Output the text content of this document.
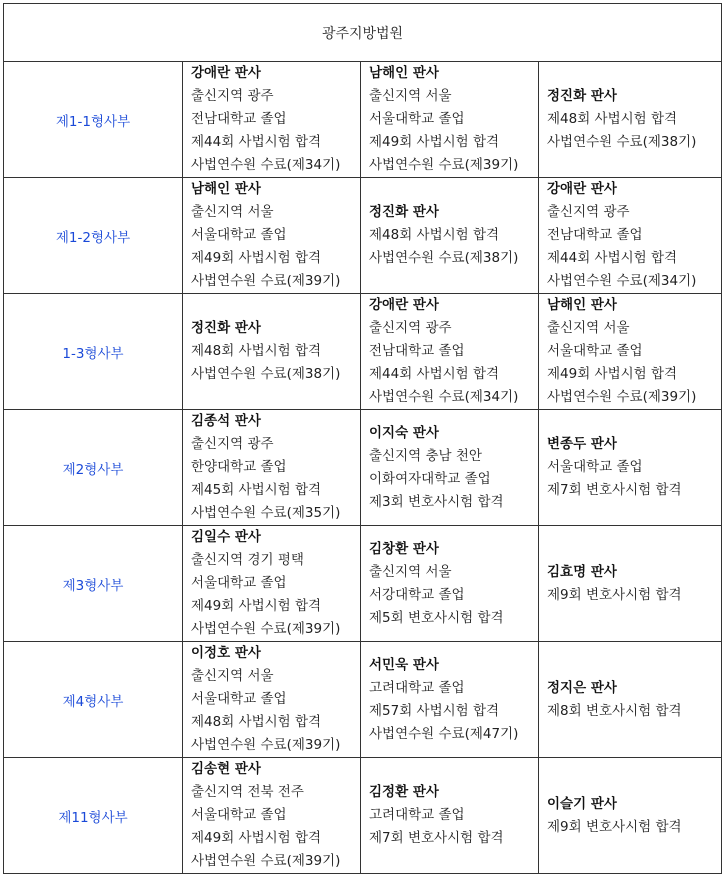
광주지방법원			
제1-1형사부	강애란 판사
출신지역 광주
전남대학교 졸업
제44회 사법시험 합격
사법연수원 수료(제34기)	남해인 판사
출신지역 서울
서울대학교 졸업
제49회 사법시험 합격
사법연수원 수료(제39기)	정진화 판사
제48회 사법시험 합격
사법연수원 수료(제38기)

제1-2형사부	남해인 판사
출신지역 서울
서울대학교 졸업
제49회 사법시험 합격
사법연수원 수료(제39기)	정진화 판사
제48회 사법시험 합격
사법연수원 수료(제38기)	강애란 판사
출신지역 광주
전남대학교 졸업
제44회 사법시험 합격
사법연수원 수료(제34기)

1-3형사부	정진화 판사
제48회 사법시험 합격
사법연수원 수료(제38기)	강애란 판사
출신지역 광주
전남대학교 졸업
제44회 사법시험 합격
사법연수원 수료(제34기)	남해인 판사
출신지역 서울
서울대학교 졸업
제49회 사법시험 합격
사법연수원 수료(제39기)

제2형사부	김종석 판사
출신지역 광주
한양대학교 졸업
제45회 사법시험 합격
사법연수원 수료(제35기)	이지숙 판사
출신지역 충남 천안
이화여자대학교 졸업
제3회 변호사시험 합격	변종두 판사
서울대학교 졸업
제7회 변호사시험 합격

제3형사부	김일수 판사
출신지역 경기 평택
서울대학교 졸업
제49회 사법시험 합격
사법연수원 수료(제39기)	김창환 판사
출신지역 서울
서강대학교 졸업
제5회 변호사시험 합격	김효명 판사
제9회 변호사시험 합격

제4형사부	이정호 판사
출신지역 서울
서울대학교 졸업
제48회 사법시험 합격
사법연수원 수료(제39기)	서민욱 판사
고려대학교 졸업
제57회 사법시험 합격
사법연수원 수료(제47기)	정지은 판사
제8회 변호사시험 합격

제11형사부	김송현 판사
출신지역 전북 전주
서울대학교 졸업
제49회 사법시험 합격
사법연수원 수료(제39기)	김정환 판사
고려대학교 졸업
제7회 변호사시험 합격	이슬기 판사
제9회 변호사시험 합격
